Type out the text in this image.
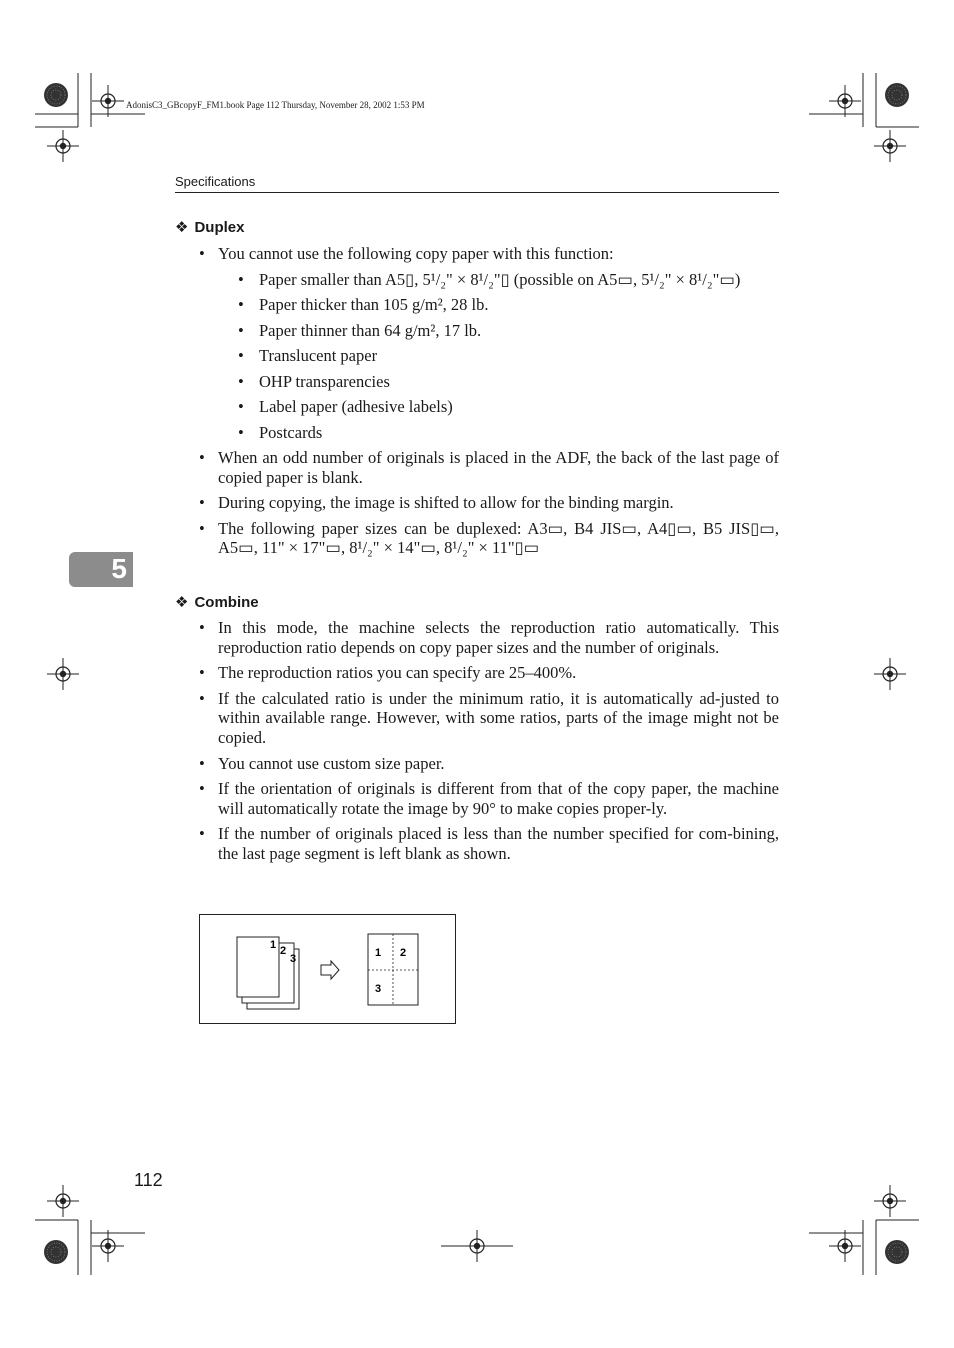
AdonisC3_GBcopyF_FM1.book Page 112 Thursday, November 28, 2002 1:53 PM
Specifications
5
❖ Duplex
• You cannot use the following copy paper with this function:
• Paper smaller than A5▯, 5¹/₂" × 8¹/₂"▯ (possible on A5▭, 5¹/₂" × 8¹/₂"▭)
• Paper thicker than 105 g/m², 28 lb.
• Paper thinner than 64 g/m², 17 lb.
• Translucent paper
• OHP transparencies
• Label paper (adhesive labels)
• Postcards
• When an odd number of originals is placed in the ADF, the back of the last page of copied paper is blank.
• During copying, the image is shifted to allow for the binding margin.
• The following paper sizes can be duplexed: A3▭, B4 JIS▭, A4▯▭, B5 JIS▯▭, A5▭, 11" × 17"▭, 8¹/₂" × 14"▭, 8¹/₂" × 11"▯▭
❖ Combine
• In this mode, the machine selects the reproduction ratio automatically. This reproduction ratio depends on copy paper sizes and the number of originals.
• The reproduction ratios you can specify are 25–400%.
• If the calculated ratio is under the minimum ratio, it is automatically ad-justed to within available range. However, with some ratios, parts of the image might not be copied.
• You cannot use custom size paper.
• If the orientation of originals is different from that of the copy paper, the machine will automatically rotate the image by 90° to make copies proper-ly.
• If the number of originals placed is less than the number specified for com-bining, the last page segment is left blank as shown.
1 2
3	1 2
3
112
